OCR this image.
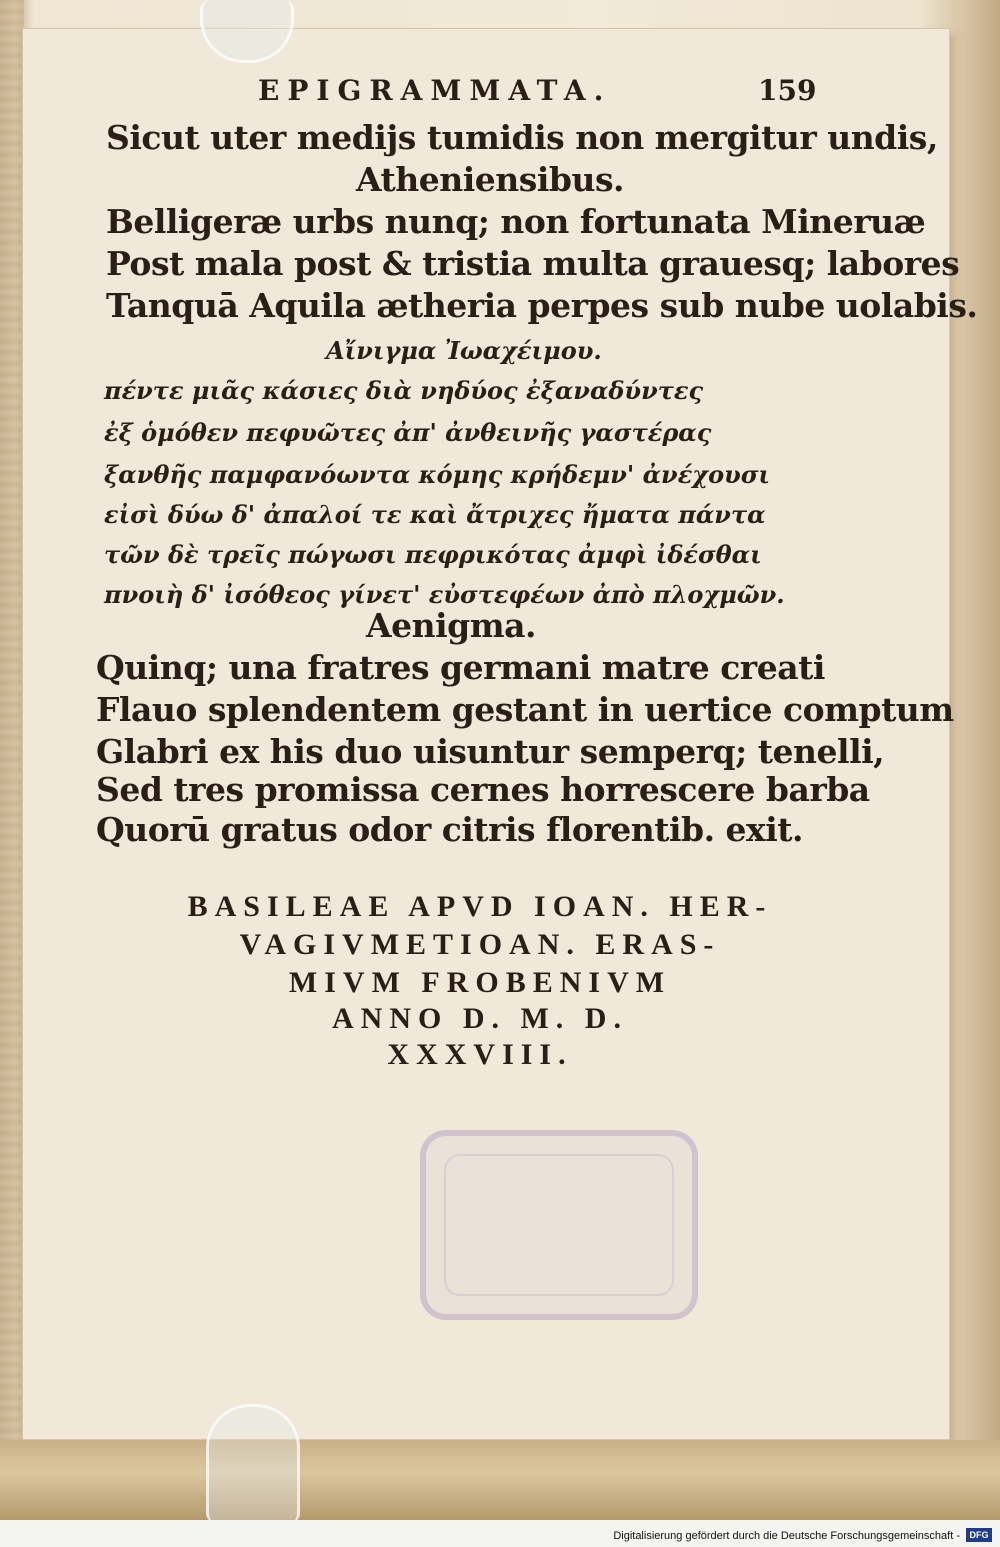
EPIGRAMMATA.	159
Sicut uter medijs tumidis non mergitur undis,
Atheniensibus.
Belligeræ urbs nunq; non fortunata Mineruæ
Post mala post & tristia multa grauesq; labores
Tanquā Aquila ætheria perpes sub nube uolabis.
Αἴνιγμα Ἰωαχέιμου.
πέντε μιᾶς κάσιες διὰ νηδύος ἐξαναδύντες
ἐξ ὁμόθεν πεφυῶτες ἀπ' ἀνθεινῆς γαστέρας
ξανθῆς παμφανόωντα κόμης κρήδεμν' ἀνέχουσι
εἰσὶ δύω δ' ἀπαλοί τε καὶ ἄτριχες ἤματα πάντα
τῶν δὲ τρεῖς πώγωσι πεφρικότας ἀμφὶ ἰδέσθαι
πνοιὴ δ' ἰσόθεος γίνετ' εὐστεφέων ἀπὸ πλοχμῶν.
Aenigma.
Quinq; una fratres germani matre creati
Flauo splendentem gestant in uertice comptum
Glabri ex his duo uisuntur semperq; tenelli,
Sed tres promissa cernes horrescere barba
Quorū gratus odor citris florentib. exit.
BASILEAE APVD IOAN. HER-
VAGIVMETIOAN. ERAS-
MIVM FROBENIVM
ANNO D. M. D.
XXXVIII.
Digitalisierung gefördert durch die Deutsche Forschungsgemeinschaft -	DFG
